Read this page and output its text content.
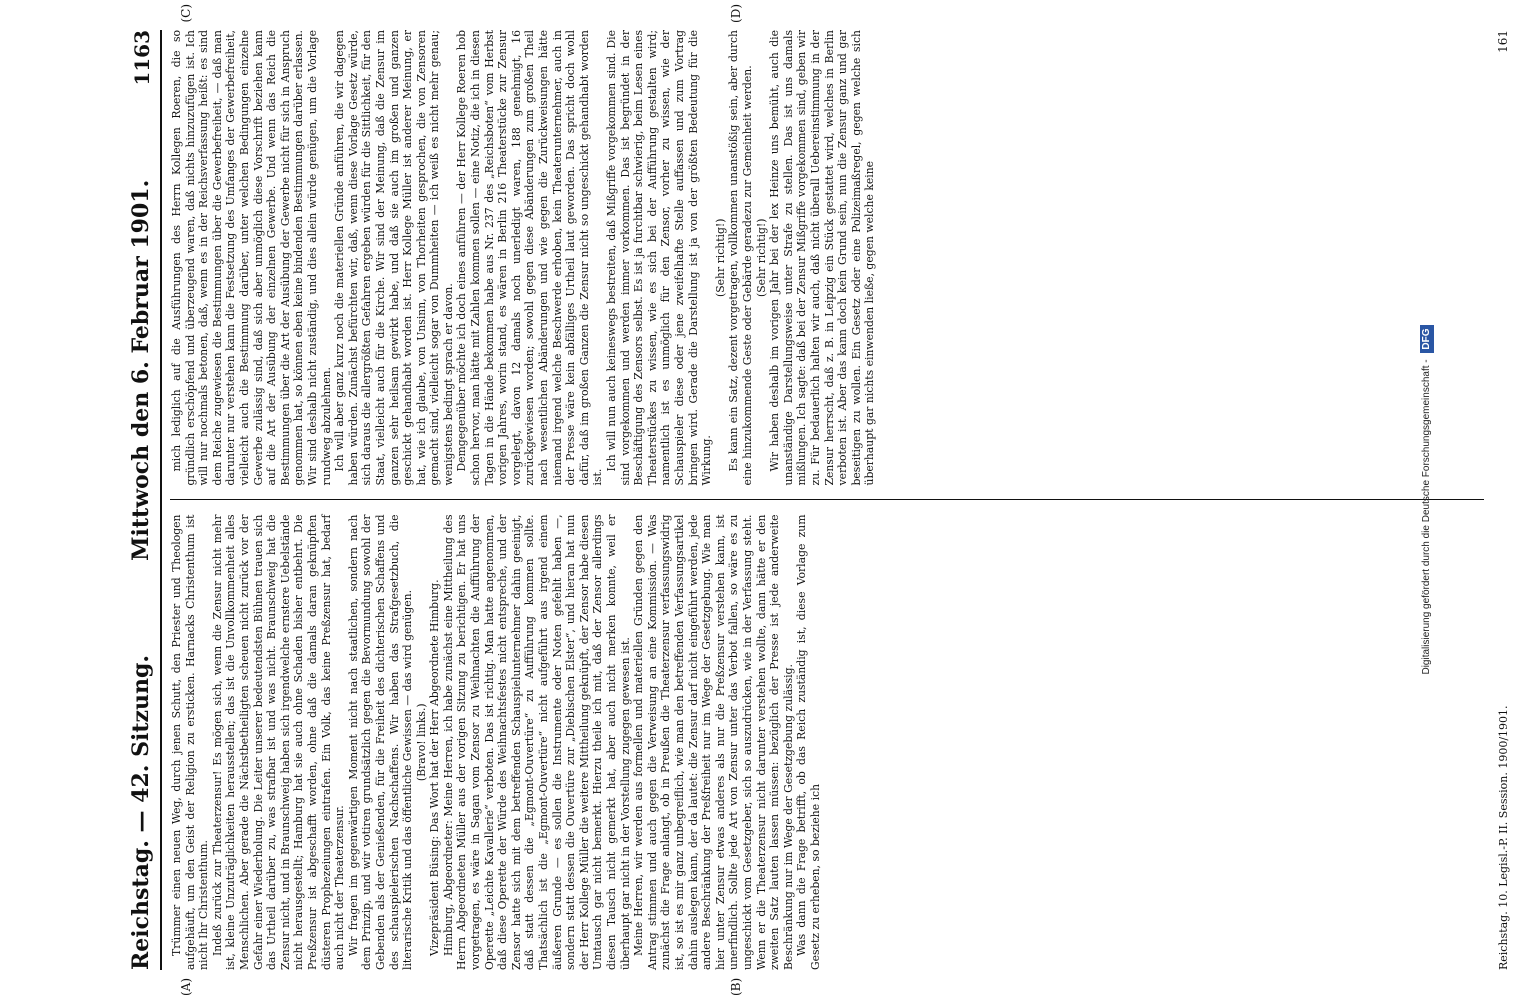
Reichstag. — 42. Sitzung.
Mittwoch den 6. Februar 1901.
1163
(A)	(B)

Trümmer einen neuen Weg, durch jenen Schutt, den Priester und Theologen aufgehäuft, um den Geist der Religion zu ersticken. Harnacks Christenthum ist nicht Ihr Christenthum. Indeß zurück zur Theaterzensur! Es mögen sich, wenn die Zensur nicht mehr ist, kleine Unzuträglichkeiten herausstellen; das ist die Unvollkommenheit alles Menschlichen. Aber gerade die Nächstbetheiligten scheuen nicht zurück vor der Gefahr einer Wiederholung. Die Leiter unserer bedeutendsten Bühnen trauen sich das Urtheil darüber zu, was strafbar ist und was nicht. Braunschweig hat die Zensur nicht, und in Braunschweig haben sich irgendwelche ernstere Uebelstände nicht herausgestellt; Hamburg hat sie auch ohne Schaden bisher entbehrt. Die Preßzensur ist abgeschafft worden, ohne daß die damals daran geknüpften düsteren Prophezeiungen eintrafen. Ein Volk, das keine Preßzensur hat, bedarf auch nicht der Theaterzensur. Wir fragen im gegenwärtigen Moment nicht nach staatlichen, sondern nach dem Prinzip, und wir votiren grundsätzlich gegen die Bevormundung sowohl der Gebenden als der Genießenden, für die Freiheit des dichterischen Schaffens und des schauspielerischen Nachschaffens. Wir haben das Strafgesetzbuch, die literarische Kritik und das öffentliche Gewissen — das wird genügen. (Bravo! links.) Vizepräsident Büsing: Das Wort hat der Herr Abgeordnete Himburg. Himburg, Abgeordneter: Meine Herren, ich habe zunächst eine Mittheilung des Herrn Abgeordneten Müller aus der vorigen Sitzung zu berichtigen. Er hat uns vorgetragen, es wäre in Sagan vom Zensor zu Weihnachten die Aufführung der Operette „Leichte Kavallerie“ verboten. Das ist richtig. Man hatte angenommen, daß diese Operette der Würde des Weihnachtsfestes nicht entspreche, und der Zensor hatte sich mit dem betreffenden Schauspielunternehmer dahin geeinigt, daß statt dessen die „Egmont-Ouvertüre“ zu Aufführung kommen sollte. Thatsächlich ist die „Egmont-Ouvertüre“ nicht aufgeführt aus irgend einem äußeren Grunde — es sollen die Instrumente oder Noten gefehlt haben —, sondern statt dessen die Ouvertüre zur „Diebischen Elster“, und hieran hat nun der Herr Kollege Müller die weitere Mittheilung geknüpft, der Zensor habe diesen Umtausch gar nicht bemerkt. Hierzu theile ich mit, daß der Zensor allerdings diesen Tausch nicht gemerkt hat, aber auch nicht merken konnte, weil er überhaupt gar nicht in der Vorstellung zugegen gewesen ist. Meine Herren, wir werden aus formellen und materiellen Gründen gegen den Antrag stimmen und auch gegen die Verweisung an eine Kommission. — Was zunächst die Frage anlangt, ob in Preußen die Theaterzensur verfassungswidrig ist, so ist es mir ganz unbegreiflich, wie man den betreffenden Verfassungsartikel dahin auslegen kann, der da lautet: die Zensur darf nicht eingeführt werden, jede andere Beschränkung der Preßfreiheit nur im Wege der Gesetzgebung. Wie man hier unter Zensur etwas anderes als nur die Preßzensur verstehen kann, ist unerfindlich. Sollte jede Art von Zensur unter das Verbot fallen, so wäre es zu ungeschickt vom Gesetzgeber, sich so auszudrücken, wie in der Verfassung steht. Wenn er die Theaterzensur nicht darunter verstehen wollte, dann hätte er den zweiten Satz lauten lassen müssen: bezüglich der Presse ist jede anderweite Beschränkung nur im Wege der Gesetzgebung zulässig. Was dann die Frage betrifft, ob das Reich zuständig ist, diese Vorlage zum Gesetz zu erheben, so beziehe ich

(C)	(D)

mich lediglich auf die Ausführungen des Herrn Kollegen Roeren, die so gründlich erschöpfend und überzeugend waren, daß nichts hinzuzufügen ist. Ich will nur nochmals betonen, daß, wenn es in der Reichsverfassung heißt: es sind dem Reiche zugewiesen die Bestimmungen über die Gewerbefreiheit, — daß man darunter nur verstehen kann die Festsetzung des Umfanges der Gewerbefreiheit, vielleicht auch die Bestimmung darüber, unter welchen Bedingungen einzelne Gewerbe zulässig sind, daß sich aber unmöglich diese Vorschrift beziehen kann auf die Art der Ausübung der einzelnen Gewerbe. Und wenn das Reich die Bestimmungen über die Art der Ausübung der Gewerbe nicht für sich in Anspruch genommen hat, so können eben keine bindenden Bestimmungen darüber erlassen. Wir sind deshalb nicht zuständig, und dies allein würde genügen, um die Vorlage rundweg abzulehnen. Ich will aber ganz kurz noch die materiellen Gründe anführen, die wir dagegen haben würden. Zunächst befürchten wir, daß, wenn diese Vorlage Gesetz würde, sich daraus die allergrößten Gefahren ergeben würden für die Sittlichkeit, für den Staat, vielleicht auch für die Kirche. Wir sind der Meinung, daß die Zensur im ganzen sehr heilsam gewirkt habe, und daß sie auch im großen und ganzen geschickt gehandhabt worden ist. Herr Kollege Müller ist anderer Meinung, er hat, wie ich glaube, von Unsinn, von Thorheiten gesprochen, die von Zensoren gemacht sind, vielleicht sogar von Dummheiten — ich weiß es nicht mehr genau; wenigstens bedingt sprach er davon. Demgegenüber möchte ich doch eines anführen — der Herr Kollege Roeren hob schon hervor, man hätte mit Zahlen kommen sollen — eine Notiz, die ich in diesen Tagen in die Hände bekommen habe aus Nr. 237 des „Reichsboten“ vom Herbst vorigen Jahres, worin stand, es wären in Berlin 216 Theaterstücke zur Zensur vorgelegt, davon 12 damals noch unerledigt waren, 188 genehmigt, 16 zurückgewiesen worden; sowohl gegen diese Abänderungen zum großen Theil nach wesentlichen Abänderungen und wie gegen die Zurückweisungen hätte niemand irgend welche Beschwerde erhoben, kein Theaterunternehmer, auch in der Presse wäre kein abfälliges Urtheil laut geworden. Das spricht doch wohl dafür, daß im großen Ganzen die Zensur nicht so ungeschickt gehandhabt worden ist.

Ich will nun auch keineswegs bestreiten, daß Mißgriffe vorgekommen sind. Die sind vorgekommen und werden immer vorkommen. Das ist begründet in der Beschäftigung des Zensors selbst. Es ist ja furchtbar schwierig, beim Lesen eines Theaterstückes zu wissen, wie es sich bei der Aufführung gestalten wird; namentlich ist es unmöglich für den Zensor, vorher zu wissen, wie der Schauspieler diese oder jene zweifelhafte Stelle auffassen und zum Vortrag bringen wird. Gerade die Darstellung ist ja von der größten Bedeutung für die Wirkung.

(Sehr richtig!) Es kann ein Satz, dezent vorgetragen, vollkommen unanstößig sein, aber durch eine hinzukommende Geste oder Gebärde geradezu zur Gemeinheit werden. (Sehr richtig!) Wir haben deshalb im vorigen Jahr bei der lex Heinze uns bemüht, auch die unanständige Darstellungsweise unter Strafe zu stellen. Das ist uns damals mißlungen. Ich sagte: daß bei der Zensur Mißgriffe vorgekommen sind, geben wir zu. Für bedauerlich halten wir auch, daß nicht überall Uebereinstimmung in der Zensur herrscht, daß z. B. in Leipzig ein Stück gestattet wird, welches in Berlin verboten ist. Aber das kann doch kein Grund sein, nun die Zensur ganz und gar beseitigen zu wollen. Ein Gesetz oder eine Polizeimaßregel, gegen welche sich überhaupt gar nichts einwenden ließe, gegen welche keine

Reichstag. 10. Legisl.-P. II. Session. 1900/1901.
161
Digitalisierung gefördert durch die Deutsche Forschungsgemeinschaft - DFG
